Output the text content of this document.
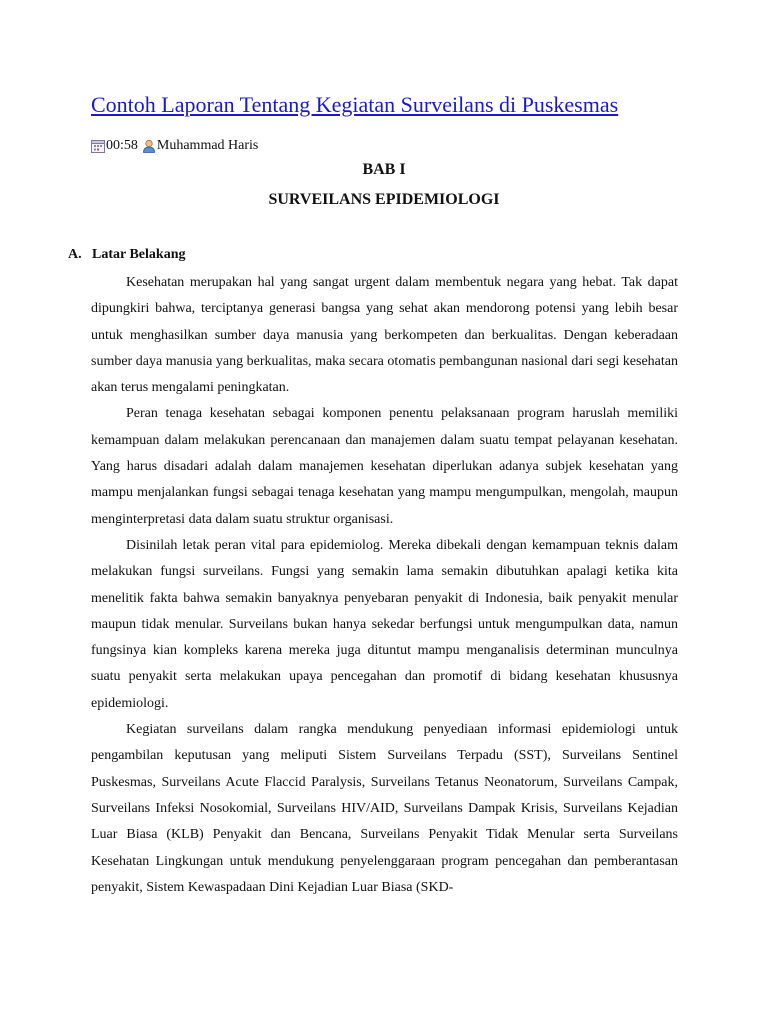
Contoh Laporan Tentang Kegiatan Surveilans di Puskesmas
00:58 Muhammad Haris
BAB I
SURVEILANS EPIDEMIOLOGI
A. Latar Belakang

Kesehatan merupakan hal yang sangat urgent dalam membentuk negara yang hebat. Tak dapat dipungkiri bahwa, terciptanya generasi bangsa yang sehat akan mendorong potensi yang lebih besar untuk menghasilkan sumber daya manusia yang berkompeten dan berkualitas. Dengan keberadaan sumber daya manusia yang berkualitas, maka secara otomatis pembangunan nasional dari segi kesehatan akan terus mengalami peningkatan.

Peran tenaga kesehatan sebagai komponen penentu pelaksanaan program haruslah memiliki kemampuan dalam melakukan perencanaan dan manajemen dalam suatu tempat pelayanan kesehatan. Yang harus disadari adalah dalam manajemen kesehatan diperlukan adanya subjek kesehatan yang mampu menjalankan fungsi sebagai tenaga kesehatan yang mampu mengumpulkan, mengolah, maupun menginterpretasi data dalam suatu struktur organisasi.

Disinilah letak peran vital para epidemiolog. Mereka dibekali dengan kemampuan teknis dalam melakukan fungsi surveilans. Fungsi yang semakin lama semakin dibutuhkan apalagi ketika kita menelitik fakta bahwa semakin banyaknya penyebaran penyakit di Indonesia, baik penyakit menular maupun tidak menular. Surveilans bukan hanya sekedar berfungsi untuk mengumpulkan data, namun fungsinya kian kompleks karena mereka juga dituntut mampu menganalisis determinan munculnya suatu penyakit serta melakukan upaya pencegahan dan promotif di bidang kesehatan khususnya epidemiologi.

Kegiatan surveilans dalam rangka mendukung penyediaan informasi epidemiologi untuk pengambilan keputusan yang meliputi Sistem Surveilans Terpadu (SST), Surveilans Sentinel Puskesmas, Surveilans Acute Flaccid Paralysis, Surveilans Tetanus Neonatorum, Surveilans Campak, Surveilans Infeksi Nosokomial, Surveilans HIV/AID, Surveilans Dampak Krisis, Surveilans Kejadian Luar Biasa (KLB) Penyakit dan Bencana, Surveilans Penyakit Tidak Menular serta Surveilans Kesehatan Lingkungan untuk mendukung penyelenggaraan program pencegahan dan pemberantasan penyakit, Sistem Kewaspadaan Dini Kejadian Luar Biasa (SKD-
